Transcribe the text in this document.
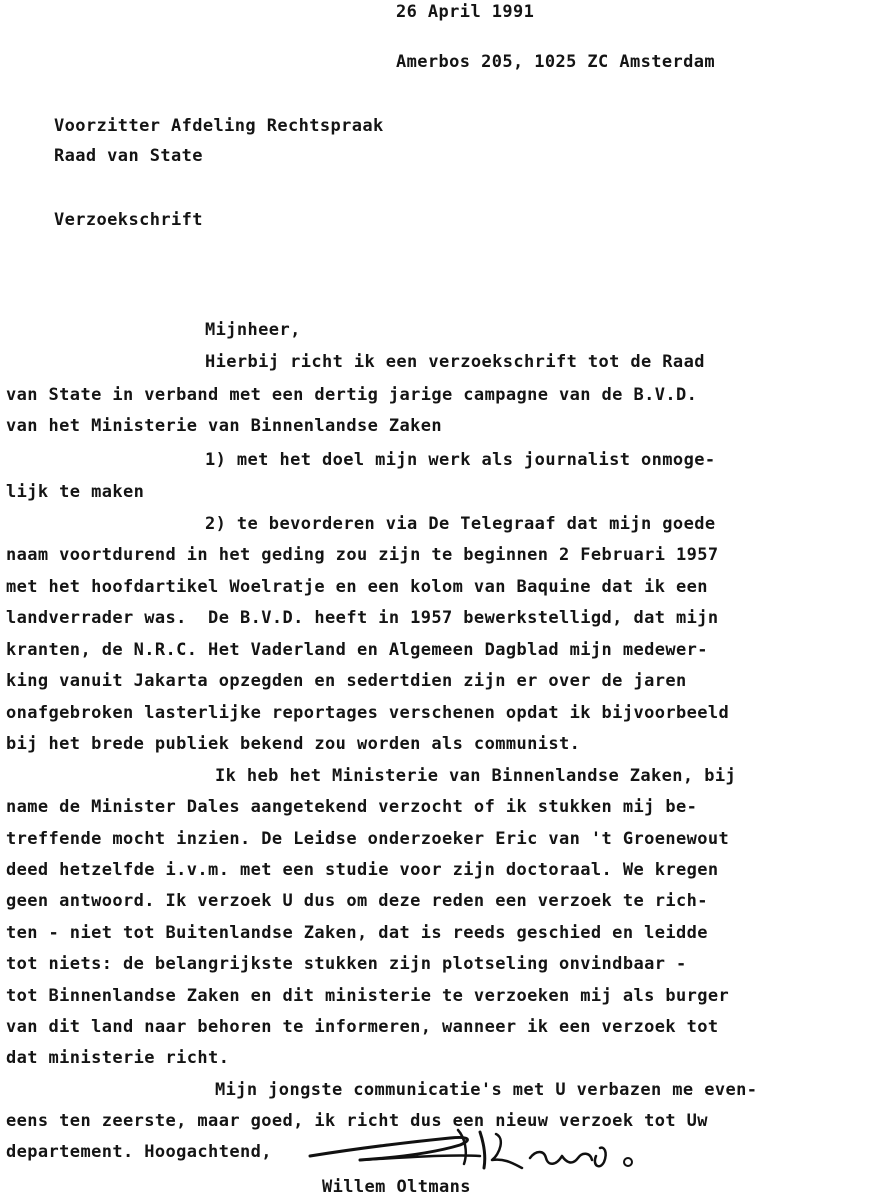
26 April 1991
Amerbos 205, 1025 ZC Amsterdam
Voorzitter Afdeling Rechtspraak
Raad van State
Verzoekschrift
Mijnheer,
Hierbij richt ik een verzoekschrift tot de Raad
van State in verband met een dertig jarige campagne van de B.V.D.
van het Ministerie van Binnenlandse Zaken
1) met het doel mijn werk als journalist onmoge-
lijk te maken
2) te bevorderen via De Telegraaf dat mijn goede
naam voortdurend in het geding zou zijn te beginnen 2 Februari 1957
met het hoofdartikel Woelratje en een kolom van Baquine dat ik een
landverrader was.  De B.V.D. heeft in 1957 bewerkstelligd, dat mijn
kranten, de N.R.C. Het Vaderland en Algemeen Dagblad mijn medewer-
king vanuit Jakarta opzegden en sedertdien zijn er over de jaren
onafgebroken lasterlijke reportages verschenen opdat ik bijvoorbeeld
bij het brede publiek bekend zou worden als communist.
Ik heb het Ministerie van Binnenlandse Zaken, bij
name de Minister Dales aangetekend verzocht of ik stukken mij be-
treffende mocht inzien. De Leidse onderzoeker Eric van 't Groenewout
deed hetzelfde i.v.m. met een studie voor zijn doctoraal. We kregen
geen antwoord. Ik verzoek U dus om deze reden een verzoek te rich-
ten - niet tot Buitenlandse Zaken, dat is reeds geschied en leidde
tot niets: de belangrijkste stukken zijn plotseling onvindbaar -
tot Binnenlandse Zaken en dit ministerie te verzoeken mij als burger
van dit land naar behoren te informeren, wanneer ik een verzoek tot
dat ministerie richt.
Mijn jongste communicatie's met U verbazen me even-
eens ten zeerste, maar goed, ik richt dus een nieuw verzoek tot Uw
departement. Hoogachtend,
Willem Oltmans
